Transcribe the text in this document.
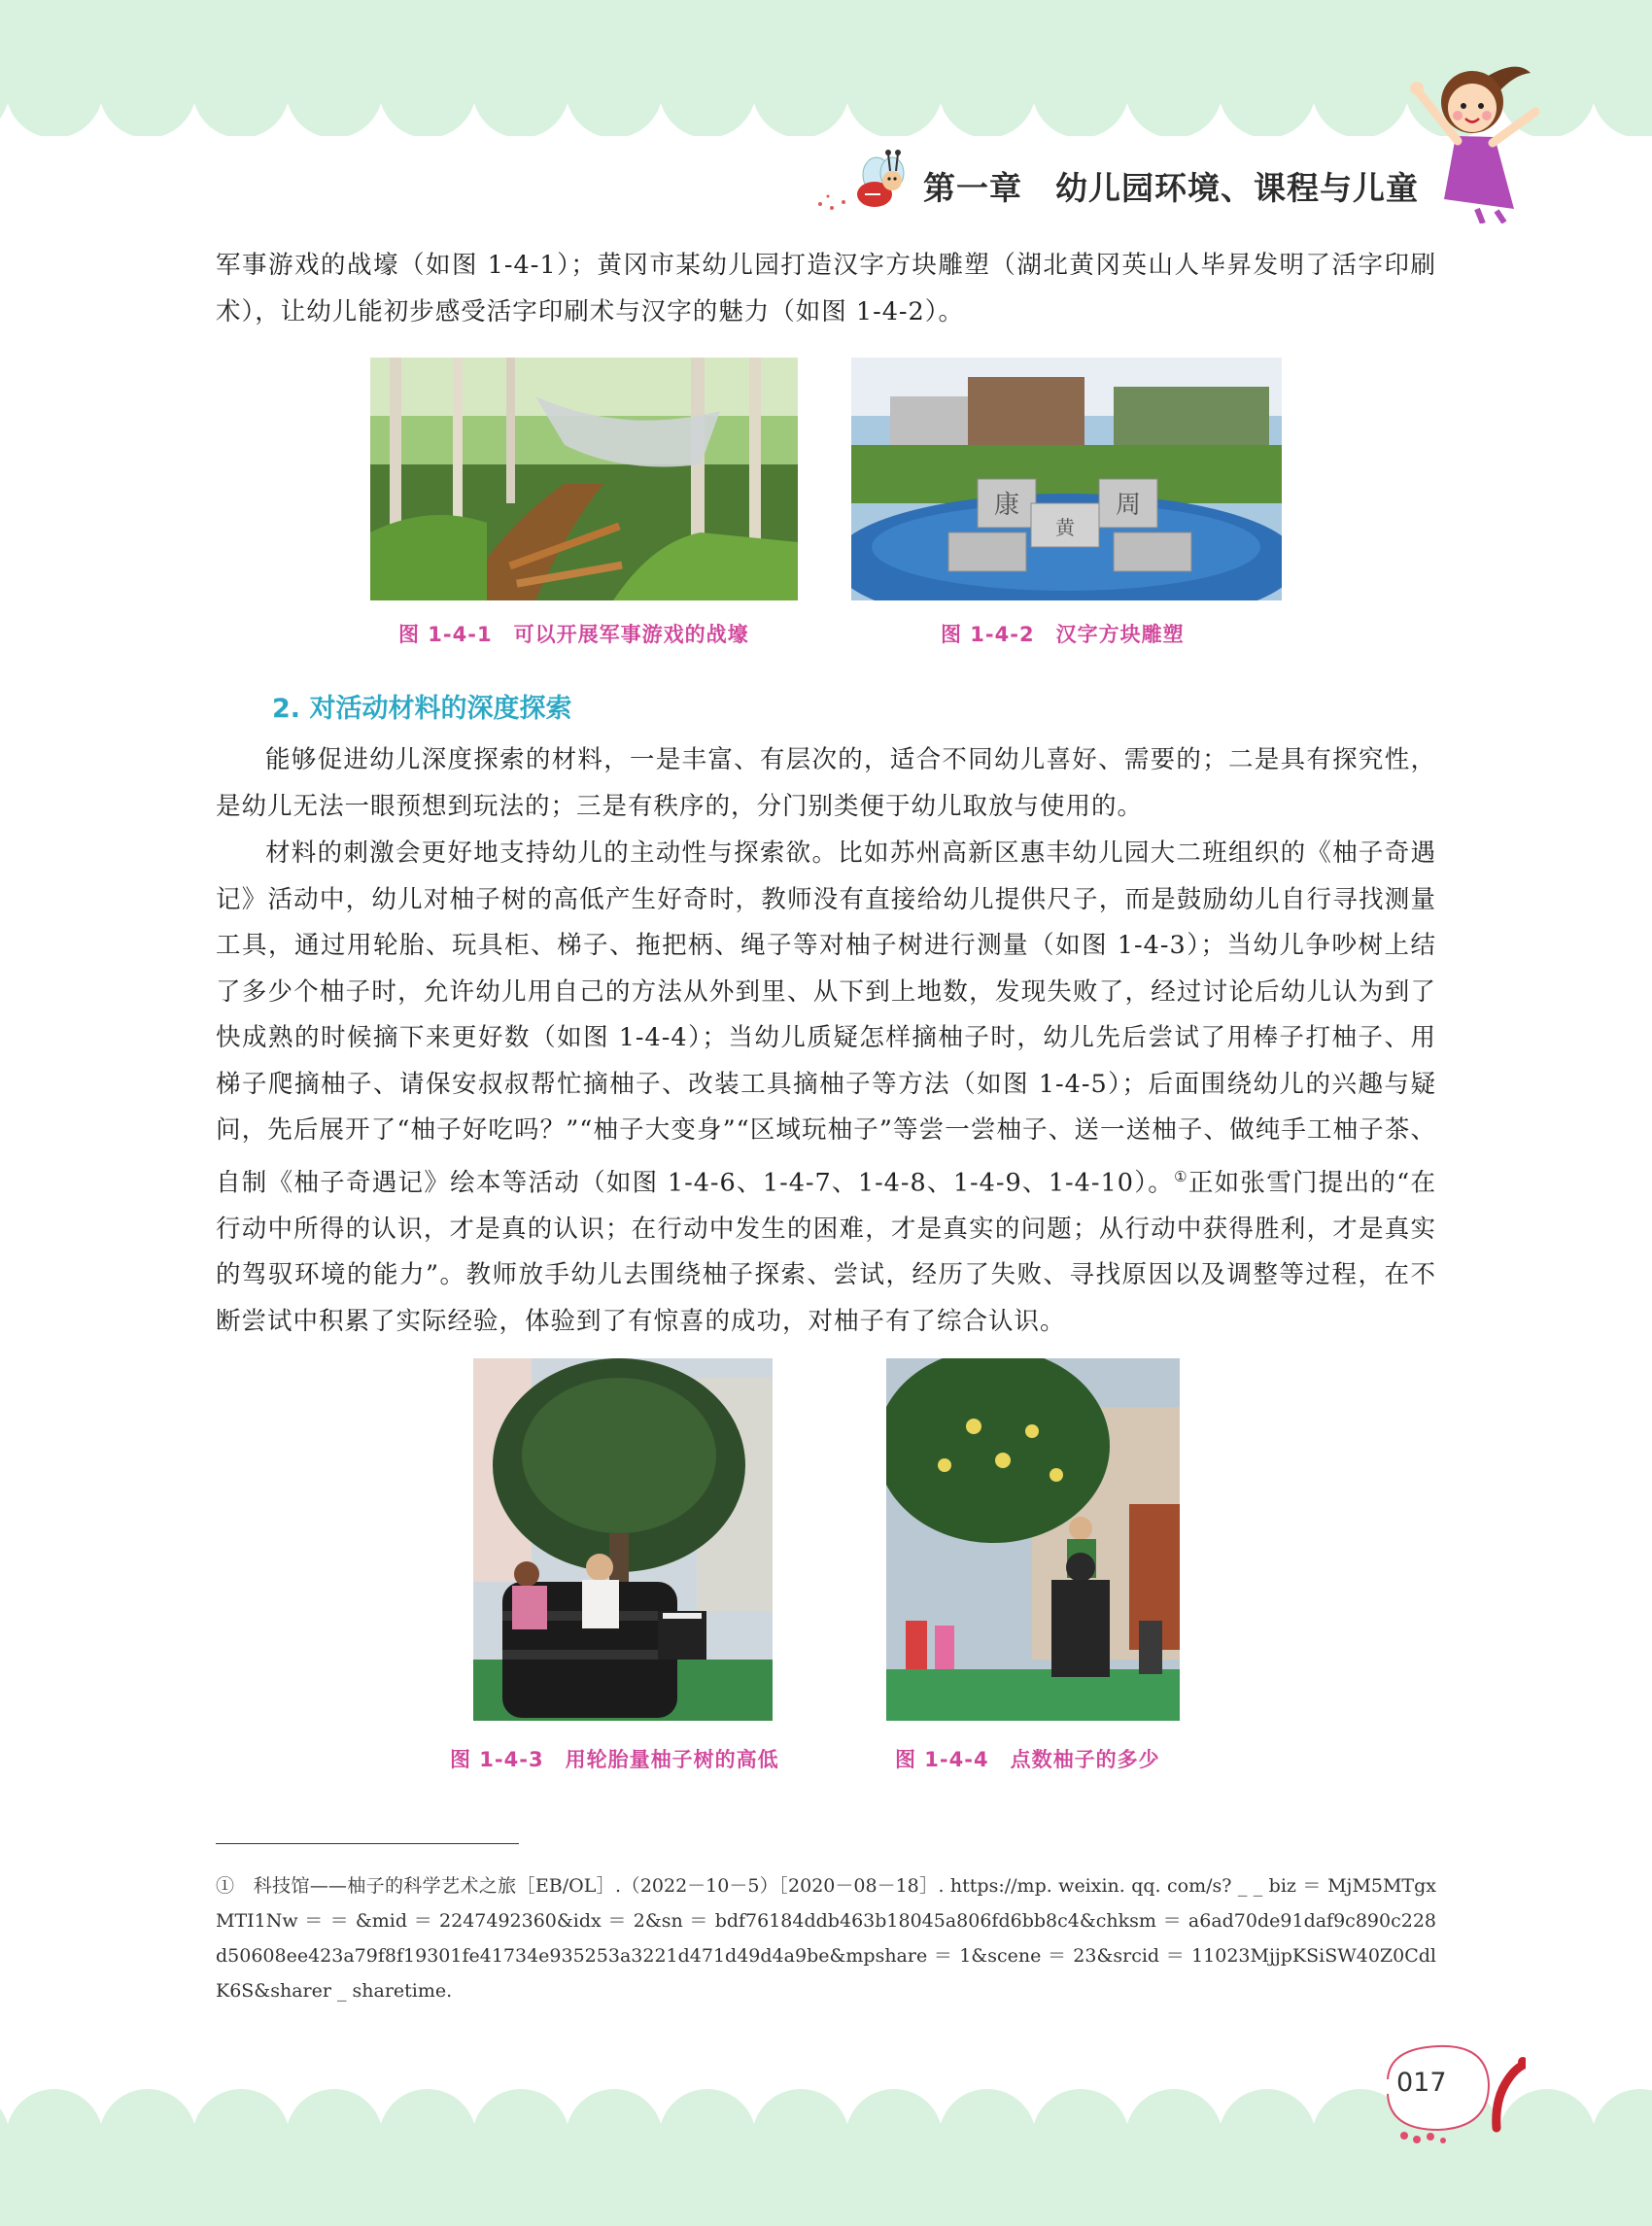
第一章　幼儿园环境、课程与儿童

军事游戏的战壕（如图 1-4-1）；黄冈市某幼儿园打造汉字方块雕塑（湖北黄冈英山人毕昇发明了活字印刷术），让幼儿能初步感受活字印刷术与汉字的魅力（如图 1-4-2）。

图 1-4-1　可以开展军事游戏的战壕
康	周
黄
图 1-4-2　汉字方块雕塑
2. 对活动材料的深度探索

能够促进幼儿深度探索的材料，一是丰富、有层次的，适合不同幼儿喜好、需要的；二是具有探究性，是幼儿无法一眼预想到玩法的；三是有秩序的，分门别类便于幼儿取放与使用的。

材料的刺激会更好地支持幼儿的主动性与探索欲。比如苏州高新区惠丰幼儿园大二班组织的《柚子奇遇记》活动中，幼儿对柚子树的高低产生好奇时，教师没有直接给幼儿提供尺子，而是鼓励幼儿自行寻找测量工具，通过用轮胎、玩具柜、梯子、拖把柄、绳子等对柚子树进行测量（如图 1-4-3）；当幼儿争吵树上结了多少个柚子时，允许幼儿用自己的方法从外到里、从下到上地数，发现失败了，经过讨论后幼儿认为到了快成熟的时候摘下来更好数（如图 1-4-4）；当幼儿质疑怎样摘柚子时，幼儿先后尝试了用棒子打柚子、用梯子爬摘柚子、请保安叔叔帮忙摘柚子、改装工具摘柚子等方法（如图 1-4-5）；后面围绕幼儿的兴趣与疑问，先后展开了“柚子好吃吗？”“柚子大变身”“区域玩柚子”等尝一尝柚子、送一送柚子、做纯手工柚子茶、自制《柚子奇遇记》绘本等活动（如图 1-4-6、1-4-7、1-4-8、1-4-9、1-4-10）。①正如张雪门提出的“在行动中所得的认识，才是真的认识；在行动中发生的困难，才是真实的问题；从行动中获得胜利，才是真实的驾驭环境的能力”。教师放手幼儿去围绕柚子探索、尝试，经历了失败、寻找原因以及调整等过程，在不断尝试中积累了实际经验，体验到了有惊喜的成功，对柚子有了综合认识。

图 1-4-3　用轮胎量柚子树的高低	图 1-4-4　点数柚子的多少

①　科技馆——柚子的科学艺术之旅［EB/OL］.（2022－10－5）［2020－08－18］. https://mp. weixin. qq. com/s? _ _ biz ＝ MjM5MTgxMTI1Nw ＝ ＝ &mid ＝ 2247492360&idx ＝ 2&sn ＝ bdf76184ddb463b18045a806fd6bb8c4&chksm ＝ a6ad70de91daf9c890c228d50608ee423a79f8f19301fe41734e935253a3221d471d49d4a9be&mpshare ＝ 1&scene ＝ 23&srcid ＝ 11023MjjpKSiSW40Z0CdlK6S&sharer _ sharetime.

017
